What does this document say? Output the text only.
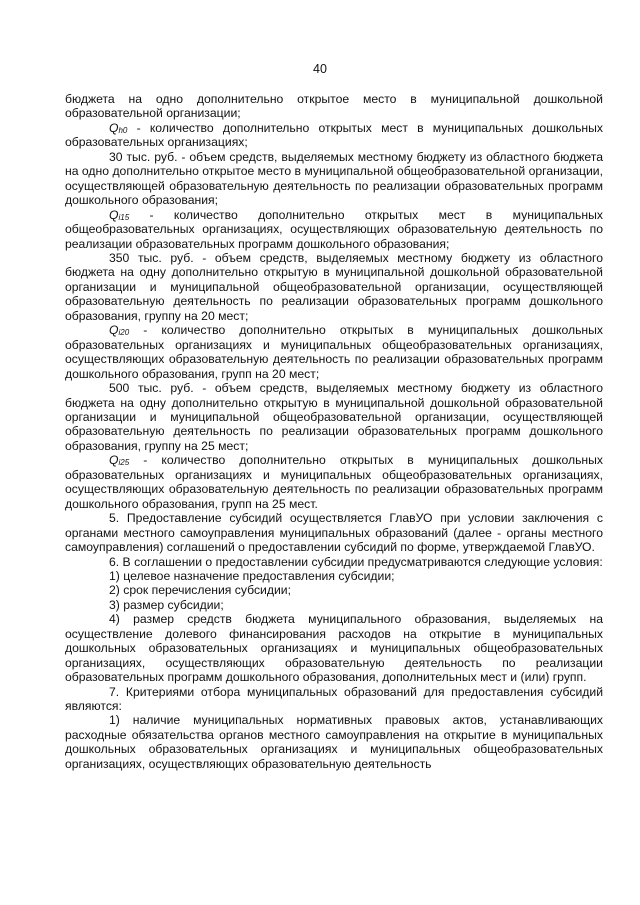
40

бюджета на одно дополнительно открытое место в муниципальной дошкольной образовательной организации;

$Q_{h0}$ - количество дополнительно открытых мест в муниципальных дошкольных образовательных организациях;

30 тыс. руб. - объем средств, выделяемых местному бюджету из областного бюджета на одно дополнительно открытое место в муниципальной общеобразовательной организации, осуществляющей образовательную деятельность по реализации образовательных программ дошкольного образования;

$Q_{i15}$ - количество дополнительно открытых мест в муниципальных общеобразовательных организациях, осуществляющих образовательную деятельность по реализации образовательных программ дошкольного образования;

350 тыс. руб. - объем средств, выделяемых местному бюджету из областного бюджета на одну дополнительно открытую в муниципальной дошкольной образовательной организации и муниципальной общеобразовательной организации, осуществляющей образовательную деятельность по реализации образовательных программ дошкольного образования, группу на 20 мест;

$Q_{i20}$ - количество дополнительно открытых в муниципальных дошкольных образовательных организациях и муниципальных общеобразовательных организациях, осуществляющих образовательную деятельность по реализации образовательных программ дошкольного образования, групп на 20 мест;

500 тыс. руб. - объем средств, выделяемых местному бюджету из областного бюджета на одну дополнительно открытую в муниципальной дошкольной образовательной организации и муниципальной общеобразовательной организации, осуществляющей образовательную деятельность по реализации образовательных программ дошкольного образования, группу на 25 мест;

$Q_{i25}$ - количество дополнительно открытых в муниципальных дошкольных образовательных организациях и муниципальных общеобразовательных организациях, осуществляющих образовательную деятельность по реализации образовательных программ дошкольного образования, групп на 25 мест.

5. Предоставление субсидий осуществляется ГлавУО при условии заключения с органами местного самоуправления муниципальных образований (далее - органы местного самоуправления) соглашений о предоставлении субсидий по форме, утверждаемой ГлавУО.

6. В соглашении о предоставлении субсидии предусматриваются следующие условия:

1) целевое назначение предоставления субсидии;

2) срок перечисления субсидии;

3) размер субсидии;

4) размер средств бюджета муниципального образования, выделяемых на осуществление долевого финансирования расходов на открытие в муниципальных дошкольных образовательных организациях и муниципальных общеобразовательных организациях, осуществляющих образовательную деятельность по реализации образовательных программ дошкольного образования, дополнительных мест и (или) групп.

7. Критериями отбора муниципальных образований для предоставления субсидий являются:

1) наличие муниципальных нормативных правовых актов, устанавливающих расходные обязательства органов местного самоуправления на открытие в муниципальных дошкольных образовательных организациях и муниципальных общеобразовательных организациях, осуществляющих образовательную деятельность
